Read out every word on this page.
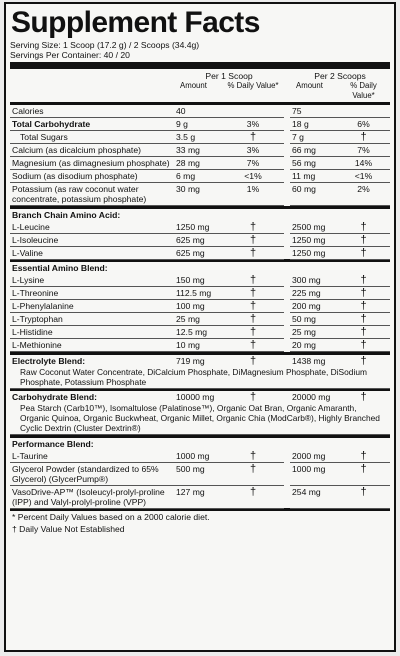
Supplement Facts
Serving Size: 1 Scoop (17.2 g) / 2 Scoops (34.4g)
Servings Per Container: 40 / 20
	Per 1 Scoop			Per 2 Scoops	
	Amount	% Daily Value*		Amount	% Daily Value*

Calories	40			75	
Total Carbohydrate	9 g	3%		18 g	6%
Total Sugars	3.5 g	†		7 g	†
Calcium (as dicalcium phosphate)	33 mg	3%		66 mg	7%
Magnesium (as dimagnesium phosphate)	28 mg	7%		56 mg	14%
Sodium (as disodium phosphate)	6 mg	<1%		11 mg	<1%
Potassium (as raw coconut water concentrate, potassium phosphate)	30 mg	1%		60 mg	2%

Branch Chain Amino Acid:					
L-Leucine	1250 mg	†		2500 mg	†
L-Isoleucine	625 mg	†		1250 mg	†
L-Valine	625 mg	†		1250 mg	†

Essential Amino Blend:					
L-Lysine	150 mg	†		300 mg	†
L-Threonine	112.5 mg	†		225 mg	†
L-Phenylalanine	100 mg	†		200 mg	†
L-Tryptophan	25 mg	†		50 mg	†
L-Histidine	12.5 mg	†		25 mg	†
L-Methionine	10 mg	†		20 mg	†

Electrolyte Blend:	719 mg	†		1438 mg	†
Raw Coconut Water Concentrate, DiCalcium Phosphate, DiMagnesium Phosphate, DiSodium Phosphate, Potassium Phosphate					

Carbohydrate Blend:	10000 mg	†		20000 mg	†
Pea Starch (Carb10™), Isomaltulose (Palatinose™), Organic Oat Bran, Organic Amaranth, Organic Quinoa, Organic Buckwheat, Organic Millet, Organic Chia (ModCarb®), Highly Branched Cyclic Dextrin (Cluster Dextrin®)					

Performance Blend:					
L-Taurine	1000 mg	†		2000 mg	†
Glycerol Powder (standardized to 65% Glycerol) (GlycerPump®)	500 mg	†		1000 mg	†
VasoDrive-AP™ (Isoleucyl-prolyl-proline (IPP) and Valyl-prolyl-proline (VPP)	127 mg	†		254 mg	†

* Percent Daily Values based on a 2000 calorie diet.					
† Daily Value Not Established					
